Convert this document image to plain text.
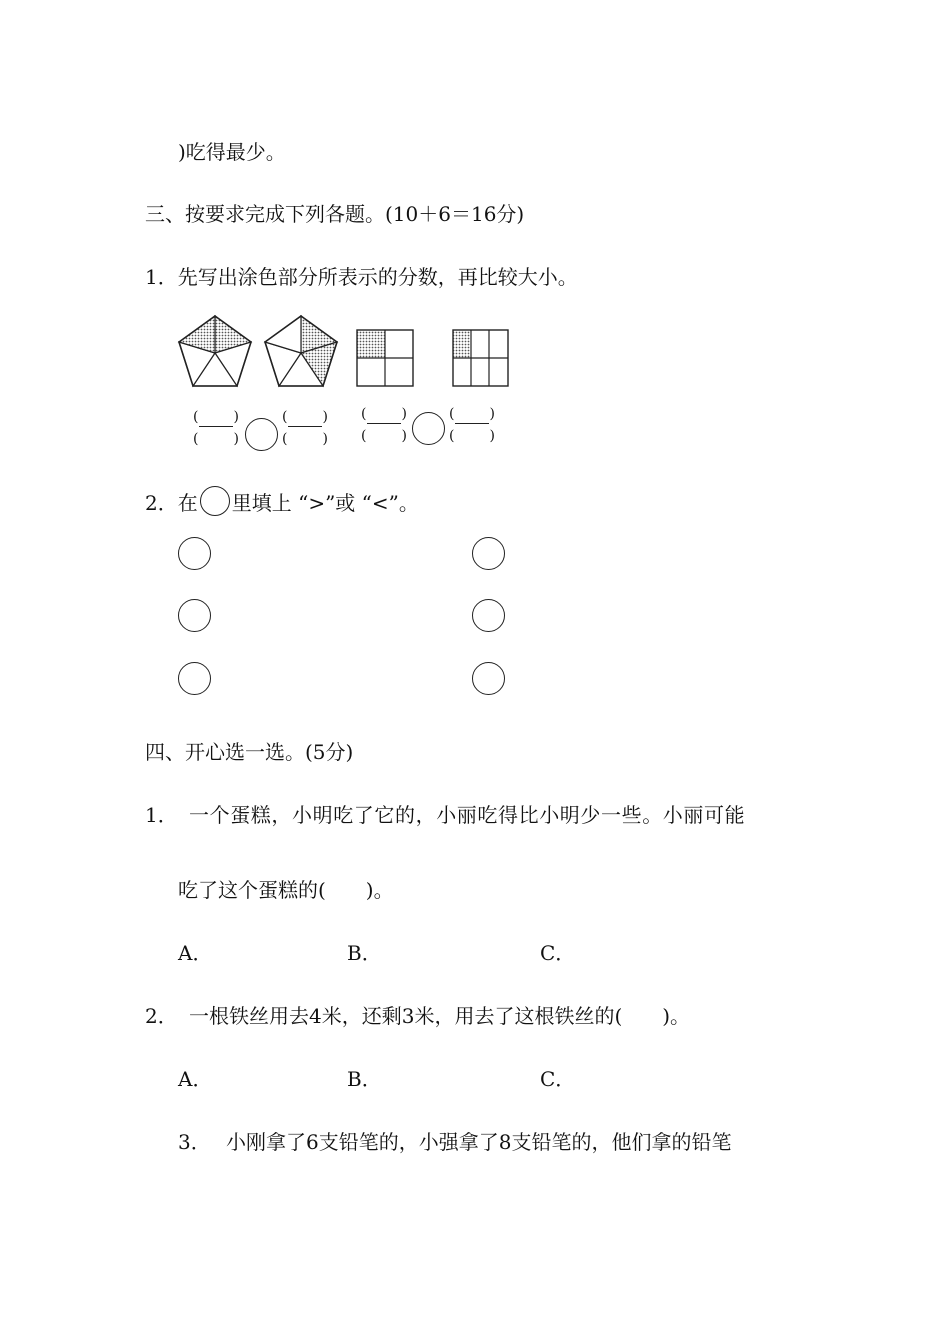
)吃得最少。
三、按要求完成下列各题。(10＋6＝16分)
1．先写出涂色部分所表示的分数，再比较大小。
(	)
(	)
(	)
(	)
(	)
(	)
(	)
(	)
2．在 里填上 “>”或 “<”。
四、开心选一选。(5分)
1． 一个蛋糕，小明吃了它的，小丽吃得比小明少一些。小丽可能
吃了这个蛋糕的(　　)。
A．	B．	C．
2． 一根铁丝用去4米，还剩3米，用去了这根铁丝的(　　)。
A．	B．	C．
3． 小刚拿了6支铅笔的，小强拿了8支铅笔的，他们拿的铅笔
